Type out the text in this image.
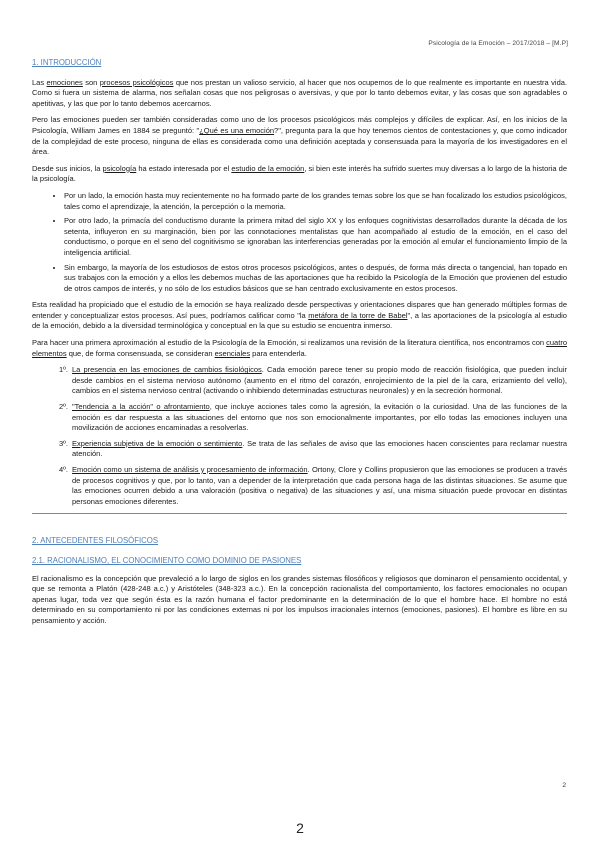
Psicología de la Emoción – 2017/2018 – [M.P]
1. INTRODUCCIÓN

Las emociones son procesos psicológicos que nos prestan un valioso servicio, al hacer que nos ocupemos de lo que realmente es importante en nuestra vida. Como si fuera un sistema de alarma, nos señalan cosas que nos peligrosas o aversivas, y que por lo tanto debemos evitar, y las cosas que son agradables o apetitivas, y las que por lo tanto debemos acercarnos.

Pero las emociones pueden ser también consideradas como uno de los procesos psicológicos más complejos y difíciles de explicar. Así, en los inicios de la Psicología, William James en 1884 se preguntó: "¿Qué es una emoción?", pregunta para la que hoy tenemos cientos de contestaciones y, que como indicador de la complejidad de este proceso, ninguna de ellas es considerada como una definición aceptada y consensuada para la mayoría de los investigadores en el área.

Desde sus inicios, la psicología ha estado interesada por el estudio de la emoción, si bien este interés ha sufrido suertes muy diversas a lo largo de la historia de la psicología.

• Por un lado, la emoción hasta muy recientemente no ha formado parte de los grandes temas sobre los que se han focalizado los estudios psicológicos, tales como el aprendizaje, la atención, la percepción o la memoria.
• Por otro lado, la primacía del conductismo durante la primera mitad del siglo XX y los enfoques cognitivistas desarrollados durante la década de los setenta, influyeron en su marginación, bien por las connotaciones mentalistas que han acompañado al estudio de la emoción, en el caso del conductismo, o porque en el seno del cognitivismo se ignoraban las interferencias generadas por la emoción al emular el funcionamiento limpio de la inteligencia artificial.
• Sin embargo, la mayoría de los estudiosos de estos otros procesos psicológicos, antes o después, de forma más directa o tangencial, han topado en sus trabajos con la emoción y a ellos les debemos muchas de las aportaciones que ha recibido la Psicología de la Emoción que provienen del estudio de otros campos de interés, y no sólo de los estudios básicos que se han centrado exclusivamente en estos procesos.

Esta realidad ha propiciado que el estudio de la emoción se haya realizado desde perspectivas y orientaciones dispares que han generado múltiples formas de entender y conceptualizar estos procesos. Así pues, podríamos calificar como "la metáfora de la torre de Babel", a las aportaciones de la psicología al estudio de la emoción, debido a la diversidad terminológica y conceptual en la que su estudio se encuentra inmerso.

Para hacer una primera aproximación al estudio de la Psicología de la Emoción, si realizamos una revisión de la literatura científica, nos encontramos con cuatro elementos que, de forma consensuada, se consideran esenciales para entenderla.

1º. La presencia en las emociones de cambios fisiológicos. Cada emoción parece tener su propio modo de reacción fisiológica, que pueden incluir desde cambios en el sistema nervioso autónomo (aumento en el ritmo del corazón, enrojecimiento de la piel de la cara, erizamiento del vello), cambios en el sistema nervioso central (activando o inhibiendo determinadas estructuras neuronales) y en la secreción hormonal.
2º. "Tendencia a la acción" o afrontamiento, que incluye acciones tales como la agresión, la evitación o la curiosidad. Una de las funciones de la emoción es dar respuesta a las situaciones del entorno que nos son emocionalmente importantes, por ello todas las emociones incluyen una movilización de acciones encaminadas a resolverlas.
3º. Experiencia subjetiva de la emoción o sentimiento. Se trata de las señales de aviso que las emociones hacen conscientes para reclamar nuestra atención.
4º. Emoción como un sistema de análisis y procesamiento de información. Ortony, Clore y Collins propusieron que las emociones se producen a través de procesos cognitivos y que, por lo tanto, van a depender de la interpretación que cada persona haga de las distintas situaciones. Se asume que las emociones ocurren debido a una valoración (positiva o negativa) de las situaciones y así, una misma situación puede provocar en distintas personas emociones diferentes.
2. ANTECEDENTES FILOSÓFICOS
2.1. RACIONALISMO, EL CONOCIMIENTO COMO DOMINIO DE PASIONES

El racionalismo es la concepción que prevaleció a lo largo de siglos en los grandes sistemas filosóficos y religiosos que dominaron el pensamiento occidental, y que se remonta a Platón (428-248 a.c.) y Aristóteles (348-323 a.c.). En la concepción racionalista del comportamiento, los factores emocionales no ocupan apenas lugar, toda vez que según ésta es la razón humana el factor predominante en la determinación de lo que el hombre hace. El hombre no está determinado en su comportamiento ni por las condiciones externas ni por los impulsos irracionales internos (emociones, pasiones). El hombre es libre en su pensamiento y acción.

2
2
